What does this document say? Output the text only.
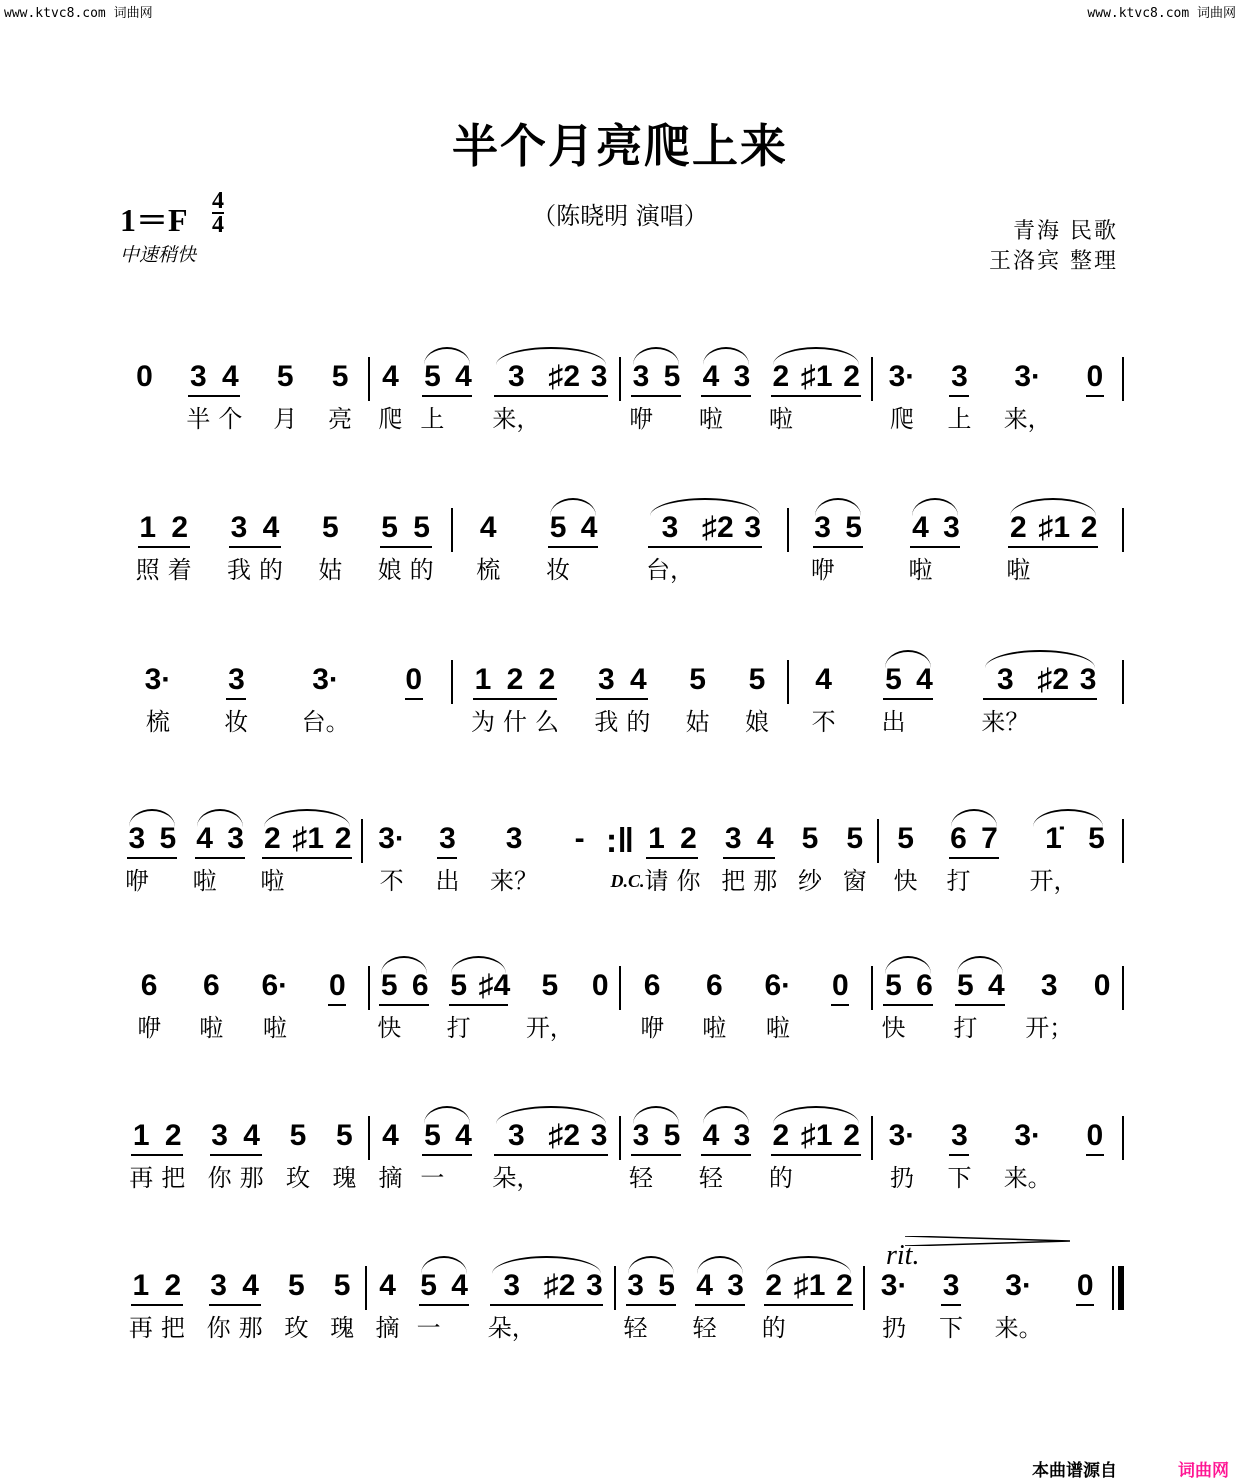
www.ktvc8.com 词曲网	www.ktvc8.com 词曲网
半个月亮爬上来
$1=F \frac{4}{4}$
中速稍快
（陈晓明 演唱）
青海 民歌
王洛宾 整理
0 3
半
4
个
5
月
5
亮
4
爬
5
上
4 3
来，
♯2 3 3
咿
5 4
啦
3 2
啦
♯1 2 3·
爬
3
上
3·
来，
0
1
照
2
着
3
我
4
的
5
姑
5
娘
5
的
4
梳
5
妆
4 3
台，
♯2 3 3
咿
5 4
啦
3 2
啦
♯1 2
3·
梳
3
妆
3·
台。
0 1
为
2
什
2
么
3
我
4
的
5
姑
5
娘
4
不
5
出
4 3
来？
♯2 3
3
咿
5 4
啦
3 2
啦
♯1 2 3·
不
3
出
3
来？
- :‖ 1
D.C. 请
2
你
3
把
4
那
5
纱
5
窗
5
快
6
打
7 1̇
开，
5
6
咿
6
啦
6·
啦
0 5
快
6 5
打
♯4 5
开，
0 6
咿
6
啦
6·
啦
0 5
快
6 5
打
4 3
开；
0
1
再
2
把
3
你
4
那
5
玫
5
瑰
4
摘
5
一
4 3
朵，
♯2 3 3
轻
5 4
轻
3 2
的
♯1 2 3·
扔
3
下
3·
来。
0
1
再
2
把
3
你
4
那
5
玫
5
瑰
4
摘
5
一
4 3
朵，
♯2 3 3
轻
5 4
轻
3 2
的
♯1 2 3·
扔
3
下
3·
来。
0
rit.
本曲谱源自	词曲网
